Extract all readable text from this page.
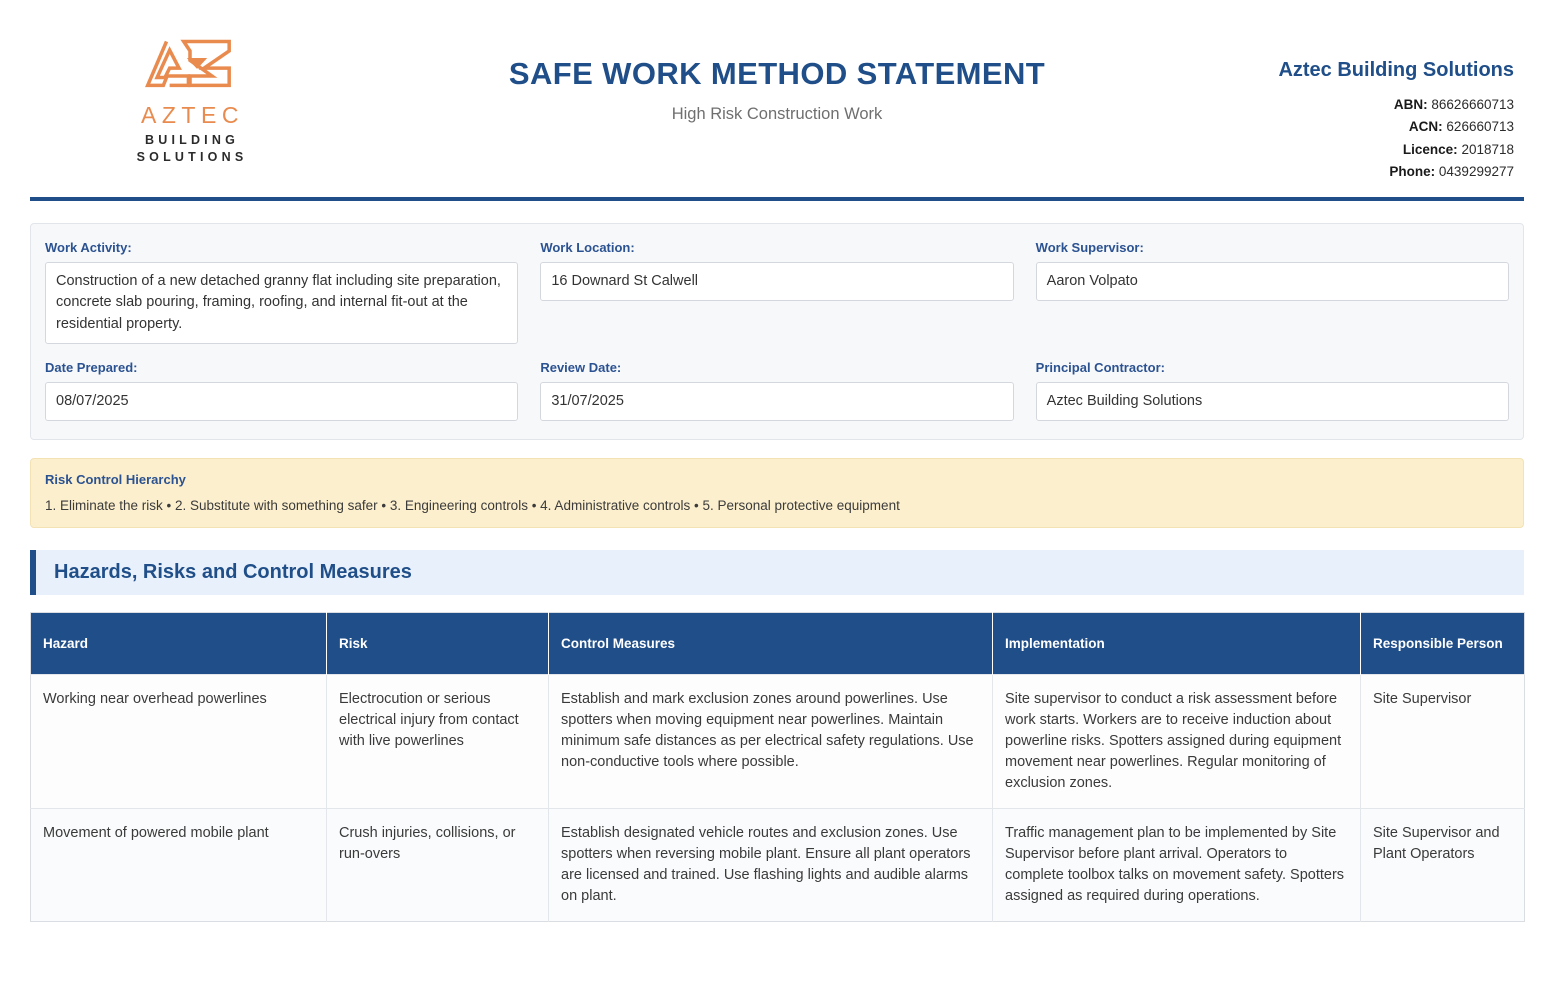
AZTEC
BUILDING
SOLUTIONS
SAFE WORK METHOD STATEMENT
High Risk Construction Work
Aztec Building Solutions
ABN: 86626660713
ACN: 626660713
Licence: 2018718
Phone: 0439299277
Work Activity:
Construction of a new detached granny flat including site preparation, concrete slab pouring, framing, roofing, and internal fit-out at the residential property.
Work Location:
16 Downard St Calwell
Work Supervisor:
Aaron Volpato
Date Prepared:
08/07/2025
Review Date:
31/07/2025
Principal Contractor:
Aztec Building Solutions
Risk Control Hierarchy
1. Eliminate the risk • 2. Substitute with something safer • 3. Engineering controls • 4. Administrative controls • 5. Personal protective equipment
Hazards, Risks and Control Measures
Hazard	Risk	Control Measures	Implementation	Responsible Person
Working near overhead powerlines	Electrocution or serious electrical injury from contact with live powerlines	Establish and mark exclusion zones around powerlines. Use spotters when moving equipment near powerlines. Maintain minimum safe distances as per electrical safety regulations. Use non-conductive tools where possible.	Site supervisor to conduct a risk assessment before work starts. Workers are to receive induction about powerline risks. Spotters assigned during equipment movement near powerlines. Regular monitoring of exclusion zones.	Site Supervisor
Movement of powered mobile plant	Crush injuries, collisions, or run-overs	Establish designated vehicle routes and exclusion zones. Use spotters when reversing mobile plant. Ensure all plant operators are licensed and trained. Use flashing lights and audible alarms on plant.	Traffic management plan to be implemented by Site Supervisor before plant arrival. Operators to complete toolbox talks on movement safety. Spotters assigned as required during operations.	Site Supervisor and Plant Operators
